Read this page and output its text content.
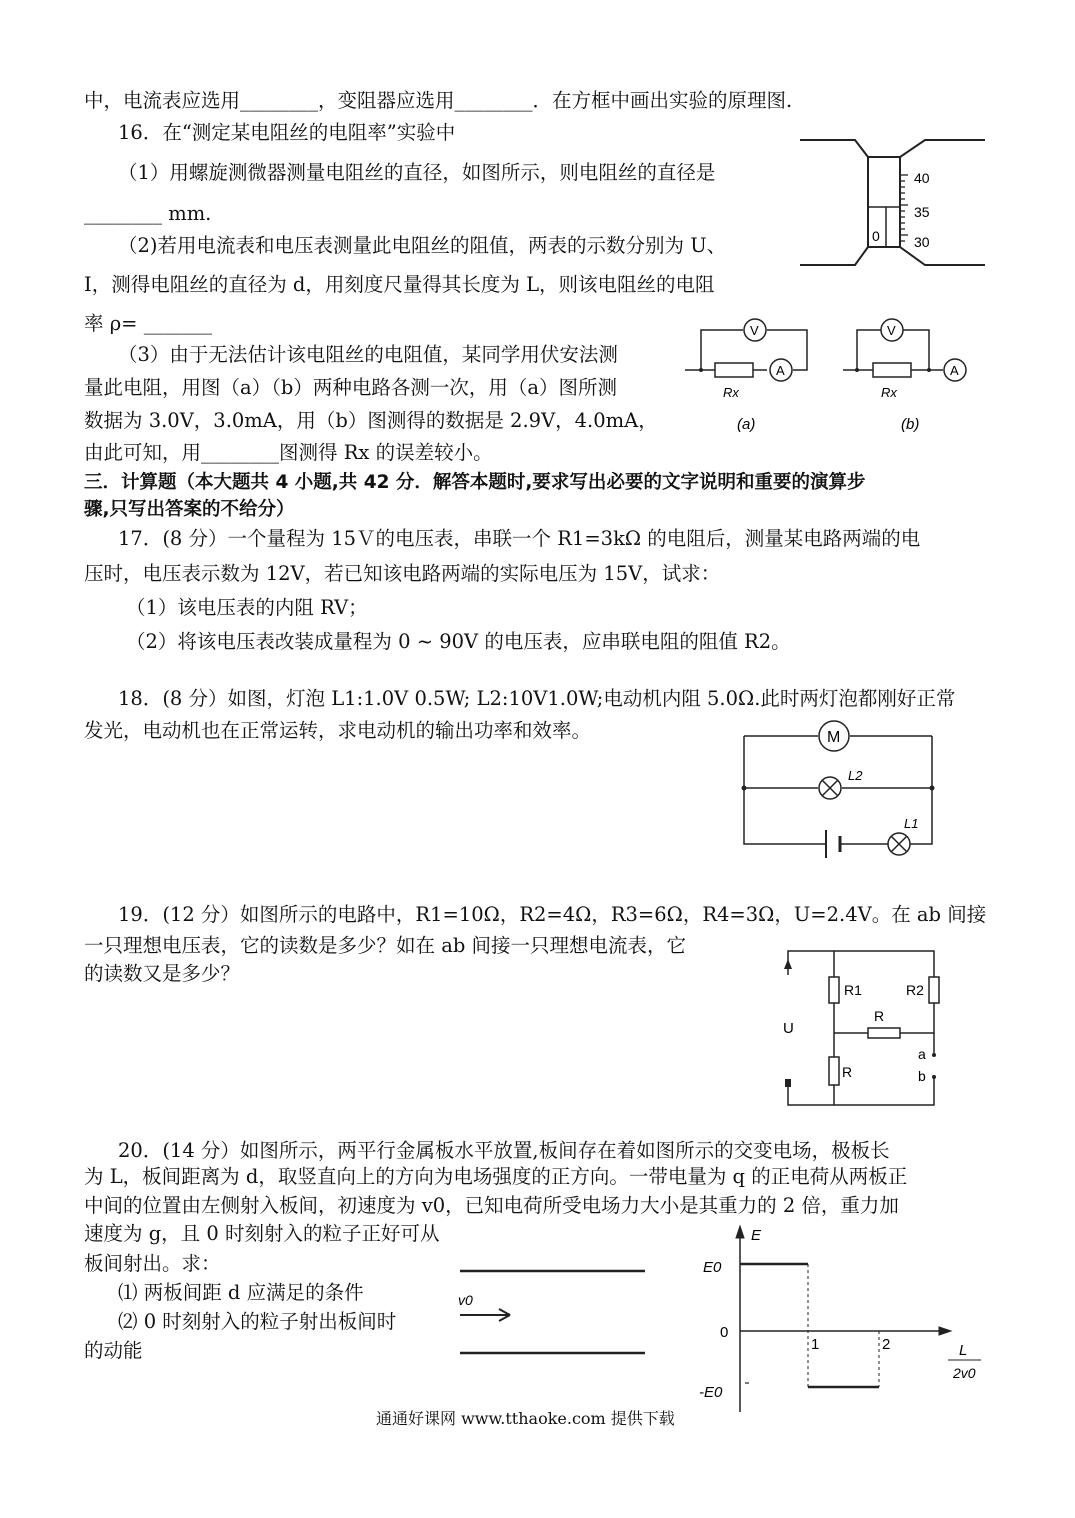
中，电流表应选用________，变阻器应选用________．在方框中画出实验的原理图.
16．在“测定某电阻丝的电阻率”实验中
（1）用螺旋测微器测量电阻丝的直径，如图所示，则电阻丝的直径是
________ mm.
（2)若用电流表和电压表测量此电阻丝的阻值，两表的示数分别为 U、
I，测得电阻丝的直径为 d，用刻度尺量得其长度为 L，则该电阻丝的电阻
率 ρ= _______
（3）由于无法估计该电阻丝的电阻值，某同学用伏安法测
量此电阻，用图（a）（b）两种电路各测一次，用（a）图所测
数据为 3.0V，3.0mA，用（b）图测得的数据是 2.9V，4.0mA，
由此可知，用________图测得 Rx 的误差较小。
40
35
30
0
V
A
Rx
(a)
V
A
Rx
(b)
三．计算题（本大题共 4 小题,共 42 分．解答本题时,要求写出必要的文字说明和重要的演算步
骤,只写出答案的不给分）
17．(8 分）一个量程为 15Ｖ的电压表，串联一个 R1=3kΩ 的电阻后，测量某电路两端的电
压时，电压表示数为 12V，若已知该电路两端的实际电压为 15V，试求：
（1）该电压表的内阻 RV；
（2）将该电压表改装成量程为 0 ~ 90V 的电压表，应串联电阻的阻值 R2。
18．(8 分）如图，灯泡 L1:1.0V 0.5W; L2:10V1.0W;电动机内阻 5.0Ω.此时两灯泡都刚好正常
发光，电动机也在正常运转，求电动机的输出功率和效率。	M
L2
L1
19．(12 分）如图所示的电路中，R1=10Ω，R2=4Ω，R3=6Ω，R4=3Ω，U=2.4V。在 ab 间接
一只理想电压表，它的读数是多少？如在 ab 间接一只理想电流表，它
的读数又是多少？
U
R1	R2
R
R
a
b
20．(14 分）如图所示，两平行金属板水平放置,板间存在着如图所示的交变电场，极板长
为 L，板间距离为 d，取竖直向上的方向为电场强度的正方向。一带电量为 q 的正电荷从两板正
中间的位置由左侧射入板间，初速度为 v0，已知电荷所受电场力大小是其重力的 2 倍，重力加
速度为 g，且 0 时刻射入的粒子正好可从
板间射出。求：
⑴ 两板间距 d 应满足的条件
⑵ 0 时刻射入的粒子射出板间时
的动能
v0
E
E0
0
-E0
1	2	L
2v0
通通好课网 www.tthaoke.com 提供下载
